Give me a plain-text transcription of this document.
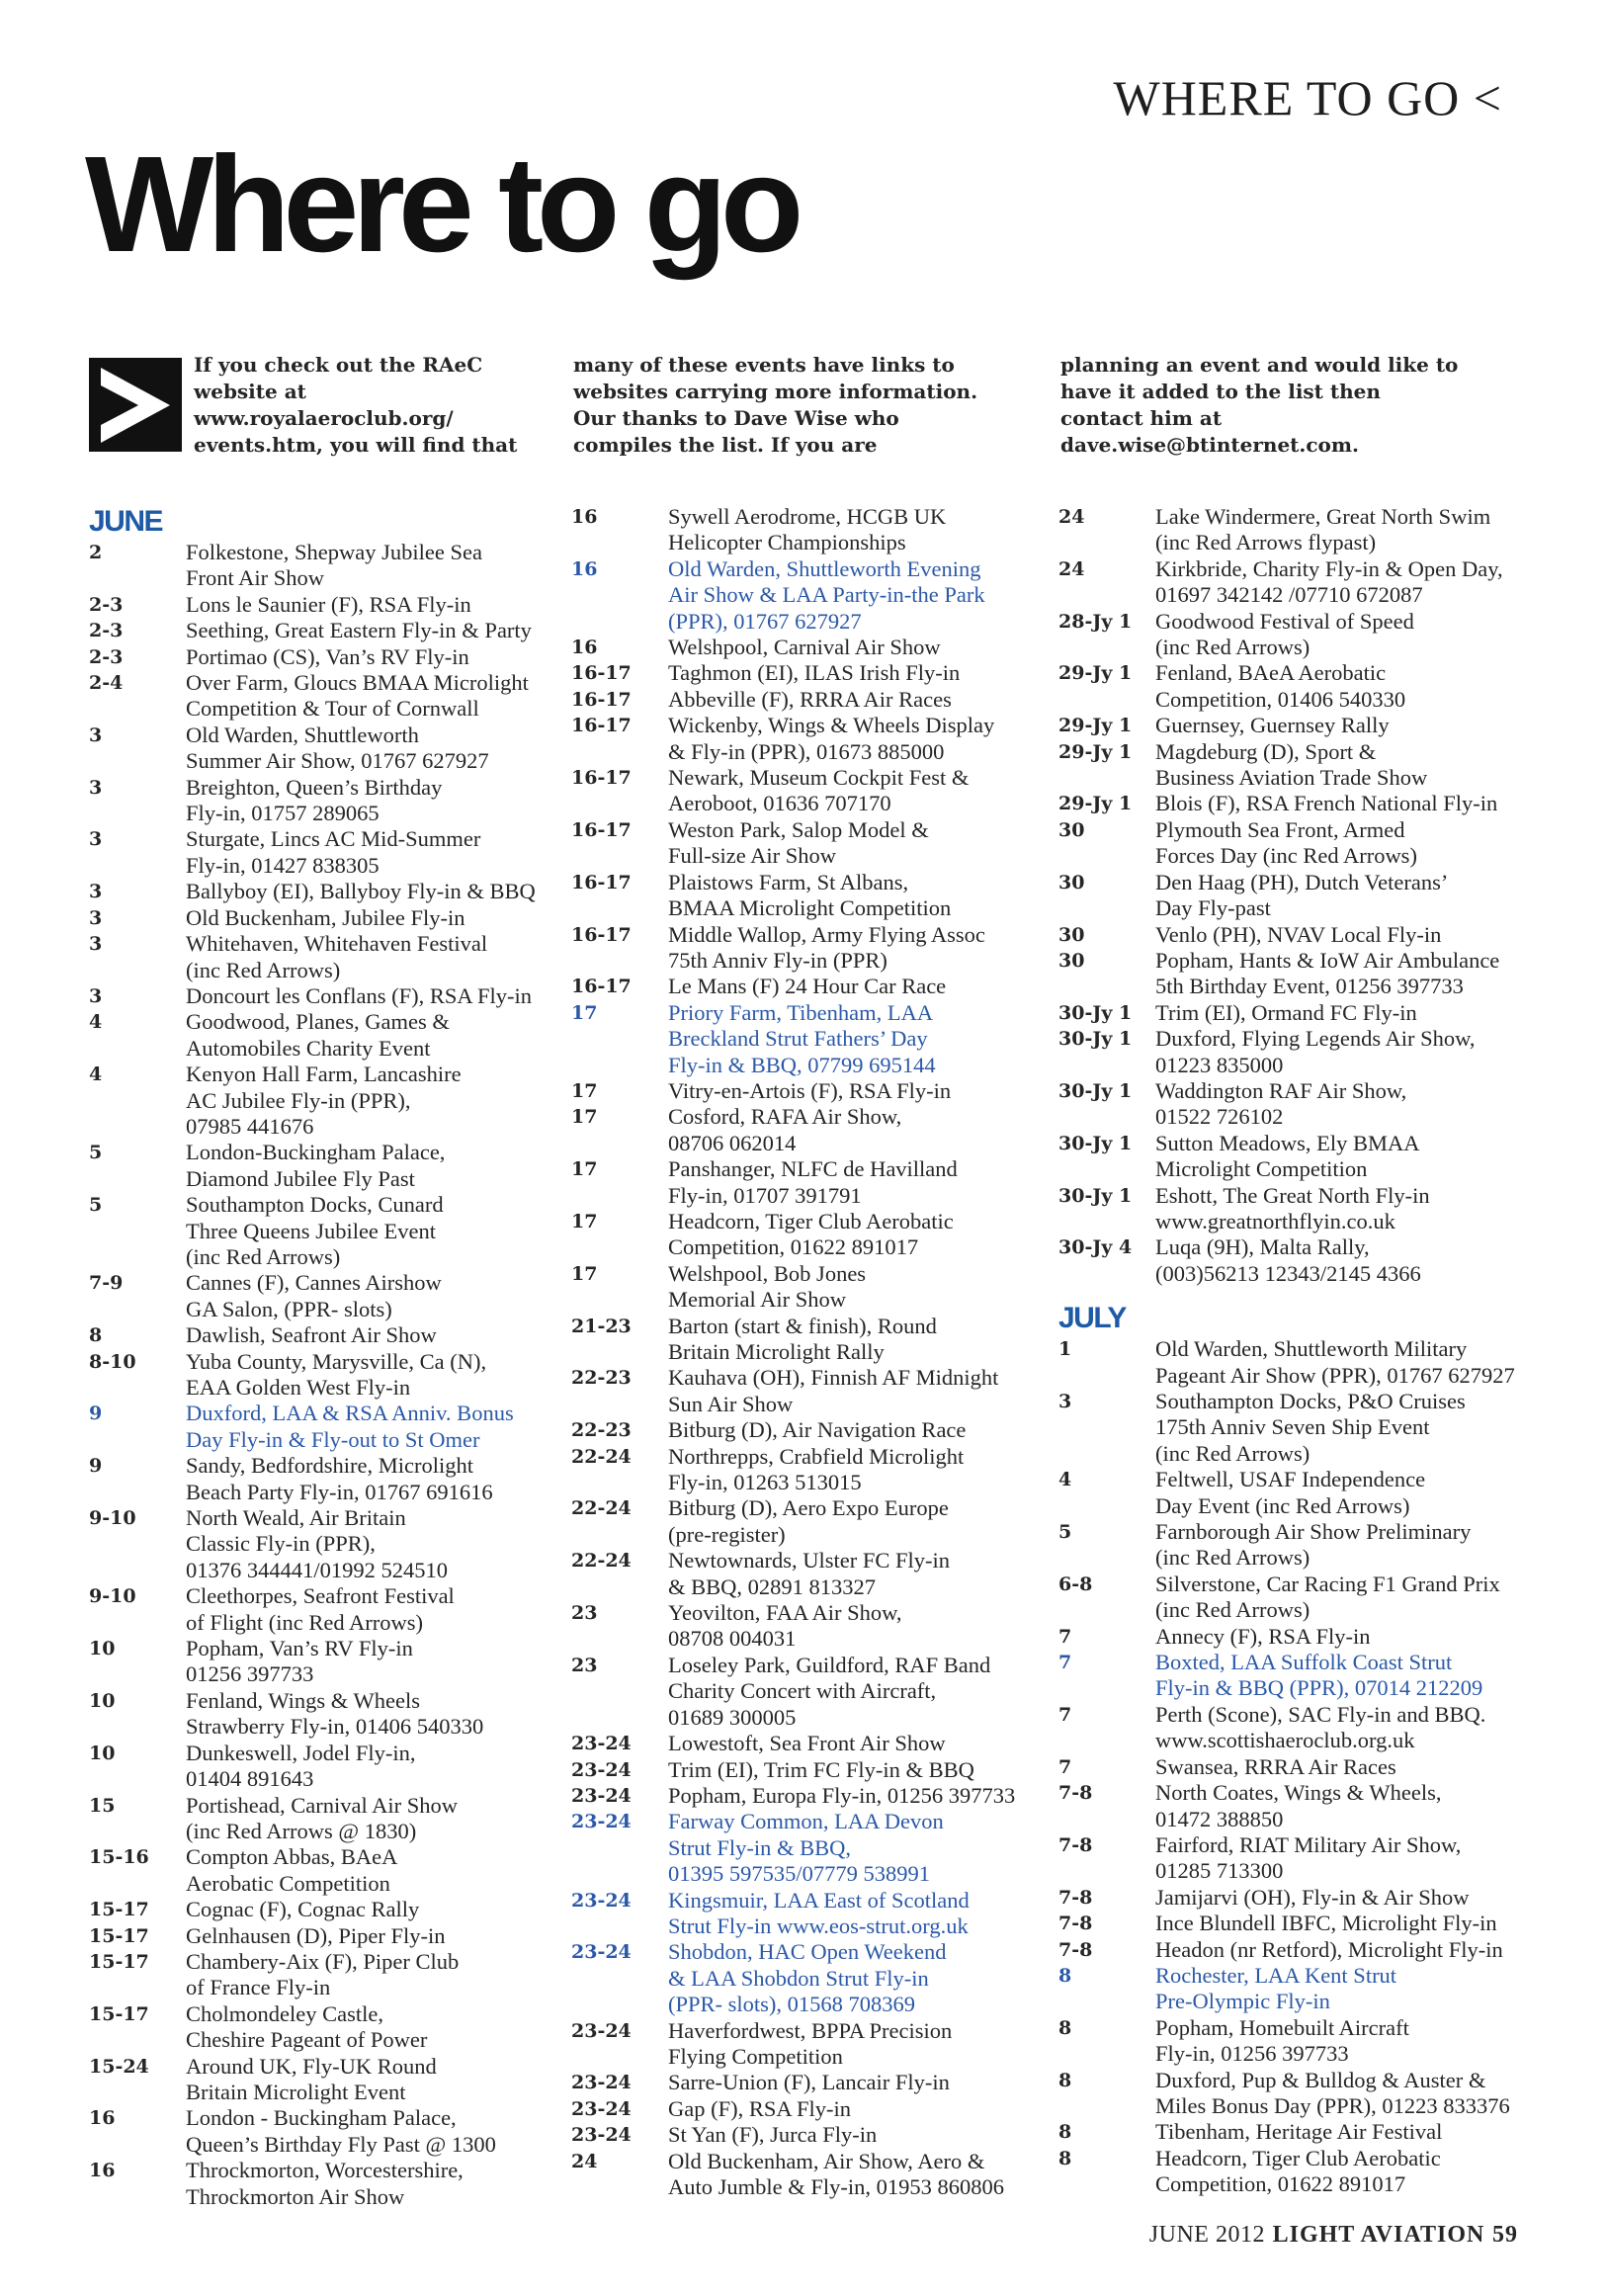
WHERE TO GO <
Where to go
If you check out the RAeC website at www.royalaeroclub.org/ events.htm, you will find that
many of these events have links to websites carrying more information. Our thanks to Dave Wise who compiles the list. If you are
planning an event and would like to have it added to the list then contact him at dave.wise@btinternet.com.
JUNE
2	Folkestone, Shepway Jubilee Sea
Front Air Show
2-3	Lons le Saunier (F), RSA Fly-in
2-3	Seething, Great Eastern Fly-in & Party
2-3	Portimao (CS), Van’s RV Fly-in
2-4	Over Farm, Gloucs BMAA Microlight
Competition & Tour of Cornwall
3	Old Warden, Shuttleworth
Summer Air Show, 01767 627927
3	Breighton, Queen’s Birthday
Fly-in, 01757 289065
3	Sturgate, Lincs AC Mid-Summer
Fly-in, 01427 838305
3	Ballyboy (EI), Ballyboy Fly-in & BBQ
3	Old Buckenham, Jubilee Fly-in
3	Whitehaven, Whitehaven Festival
(inc Red Arrows)
3	Doncourt les Conflans (F), RSA Fly-in
4	Goodwood, Planes, Games &
Automobiles Charity Event
4	Kenyon Hall Farm, Lancashire
AC Jubilee Fly-in (PPR),
07985 441676
5	London-Buckingham Palace,
Diamond Jubilee Fly Past
5	Southampton Docks, Cunard
Three Queens Jubilee Event
(inc Red Arrows)
7-9	Cannes (F), Cannes Airshow
GA Salon, (PPR- slots)
8	Dawlish, Seafront Air Show
8-10	Yuba County, Marysville, Ca (N),
EAA Golden West Fly-in
9	Duxford, LAA & RSA Anniv. Bonus
Day Fly-in & Fly-out to St Omer
9	Sandy, Bedfordshire, Microlight
Beach Party Fly-in, 01767 691616
9-10	North Weald, Air Britain
Classic Fly-in (PPR),
01376 344441/01992 524510
9-10	Cleethorpes, Seafront Festival
of Flight (inc Red Arrows)
10	Popham, Van’s RV Fly-in
01256 397733
10	Fenland, Wings & Wheels
Strawberry Fly-in, 01406 540330
10	Dunkeswell, Jodel Fly-in,
01404 891643
15	Portishead, Carnival Air Show
(inc Red Arrows @ 1830)
15-16	Compton Abbas, BAeA
Aerobatic Competition
15-17	Cognac (F), Cognac Rally
15-17	Gelnhausen (D), Piper Fly-in
15-17	Chambery-Aix (F), Piper Club
of France Fly-in
15-17	Cholmondeley Castle,
Cheshire Pageant of Power
15-24	Around UK, Fly-UK Round
Britain Microlight Event
16	London - Buckingham Palace,
Queen’s Birthday Fly Past @ 1300
16	Throckmorton, Worcestershire,
Throckmorton Air Show
16	Sywell Aerodrome, HCGB UK
Helicopter Championships
16	Old Warden, Shuttleworth Evening
Air Show & LAA Party-in-the Park
(PPR), 01767 627927
16	Welshpool, Carnival Air Show
16-17	Taghmon (EI), ILAS Irish Fly-in
16-17	Abbeville (F), RRRA Air Races
16-17	Wickenby, Wings & Wheels Display
& Fly-in (PPR), 01673 885000
16-17	Newark, Museum Cockpit Fest &
Aeroboot, 01636 707170
16-17	Weston Park, Salop Model &
Full-size Air Show
16-17	Plaistows Farm, St Albans,
BMAA Microlight Competition
16-17	Middle Wallop, Army Flying Assoc
75th Anniv Fly-in (PPR)
16-17	Le Mans (F) 24 Hour Car Race
17	Priory Farm, Tibenham, LAA
Breckland Strut Fathers’ Day
Fly-in & BBQ, 07799 695144
17	Vitry-en-Artois (F), RSA Fly-in
17	Cosford, RAFA Air Show,
08706 062014
17	Panshanger, NLFC de Havilland
Fly-in, 01707 391791
17	Headcorn, Tiger Club Aerobatic
Competition, 01622 891017
17	Welshpool, Bob Jones
Memorial Air Show
21-23	Barton (start & finish), Round
Britain Microlight Rally
22-23	Kauhava (OH), Finnish AF Midnight
Sun Air Show
22-23	Bitburg (D), Air Navigation Race
22-24	Northrepps, Crabfield Microlight
Fly-in, 01263 513015
22-24	Bitburg (D), Aero Expo Europe
(pre-register)
22-24	Newtownards, Ulster FC Fly-in
& BBQ, 02891 813327
23	Yeovilton, FAA Air Show,
08708 004031
23	Loseley Park, Guildford, RAF Band
Charity Concert with Aircraft,
01689 300005
23-24	Lowestoft, Sea Front Air Show
23-24	Trim (EI), Trim FC Fly-in & BBQ
23-24	Popham, Europa Fly-in, 01256 397733
23-24	Farway Common, LAA Devon
Strut Fly-in & BBQ,
01395 597535/07779 538991
23-24	Kingsmuir, LAA East of Scotland
Strut Fly-in www.eos-strut.org.uk
23-24	Shobdon, HAC Open Weekend
& LAA Shobdon Strut Fly-in
(PPR- slots), 01568 708369
23-24	Haverfordwest, BPPA Precision
Flying Competition
23-24	Sarre-Union (F), Lancair Fly-in
23-24	Gap (F), RSA Fly-in
23-24	St Yan (F), Jurca Fly-in
24	Old Buckenham, Air Show, Aero &
Auto Jumble & Fly-in, 01953 860806
24	Lake Windermere, Great North Swim
(inc Red Arrows flypast)
24	Kirkbride, Charity Fly-in & Open Day,
01697 342142 /07710 672087
28-Jy 1	Goodwood Festival of Speed
(inc Red Arrows)
29-Jy 1	Fenland, BAeA Aerobatic
Competition, 01406 540330
29-Jy 1	Guernsey, Guernsey Rally
29-Jy 1	Magdeburg (D), Sport &
Business Aviation Trade Show
29-Jy 1	Blois (F), RSA French National Fly-in
30	Plymouth Sea Front, Armed
Forces Day (inc Red Arrows)
30	Den Haag (PH), Dutch Veterans’
Day Fly-past
30	Venlo (PH), NVAV Local Fly-in
30	Popham, Hants & IoW Air Ambulance
5th Birthday Event, 01256 397733
30-Jy 1	Trim (EI), Ormand FC Fly-in
30-Jy 1	Duxford, Flying Legends Air Show,
01223 835000
30-Jy 1	Waddington RAF Air Show,
01522 726102
30-Jy 1	Sutton Meadows, Ely BMAA
Microlight Competition
30-Jy 1	Eshott, The Great North Fly-in
www.greatnorthflyin.co.uk
30-Jy 4	Luqa (9H), Malta Rally,
(003)56213 12343/2145 4366
JULY
1	Old Warden, Shuttleworth Military
Pageant Air Show (PPR), 01767 627927
3	Southampton Docks, P&O Cruises
175th Anniv Seven Ship Event
(inc Red Arrows)
4	Feltwell, USAF Independence
Day Event (inc Red Arrows)
5	Farnborough Air Show Preliminary
(inc Red Arrows)
6-8	Silverstone, Car Racing F1 Grand Prix
(inc Red Arrows)
7	Annecy (F), RSA Fly-in
7	Boxted, LAA Suffolk Coast Strut
Fly-in & BBQ (PPR), 07014 212209
7	Perth (Scone), SAC Fly-in and BBQ.
www.scottishaeroclub.org.uk
7	Swansea, RRRA Air Races
7-8	North Coates, Wings & Wheels,
01472 388850
7-8	Fairford, RIAT Military Air Show,
01285 713300
7-8	Jamijarvi (OH), Fly-in & Air Show
7-8	Ince Blundell IBFC, Microlight Fly-in
7-8	Headon (nr Retford), Microlight Fly-in
8	Rochester, LAA Kent Strut
Pre-Olympic Fly-in
8	Popham, Homebuilt Aircraft
Fly-in, 01256 397733
8	Duxford, Pup & Bulldog & Auster &
Miles Bonus Day (PPR), 01223 833376
8	Tibenham, Heritage Air Festival
8	Headcorn, Tiger Club Aerobatic
Competition, 01622 891017
JUNE 2012 LIGHT AVIATION 59
